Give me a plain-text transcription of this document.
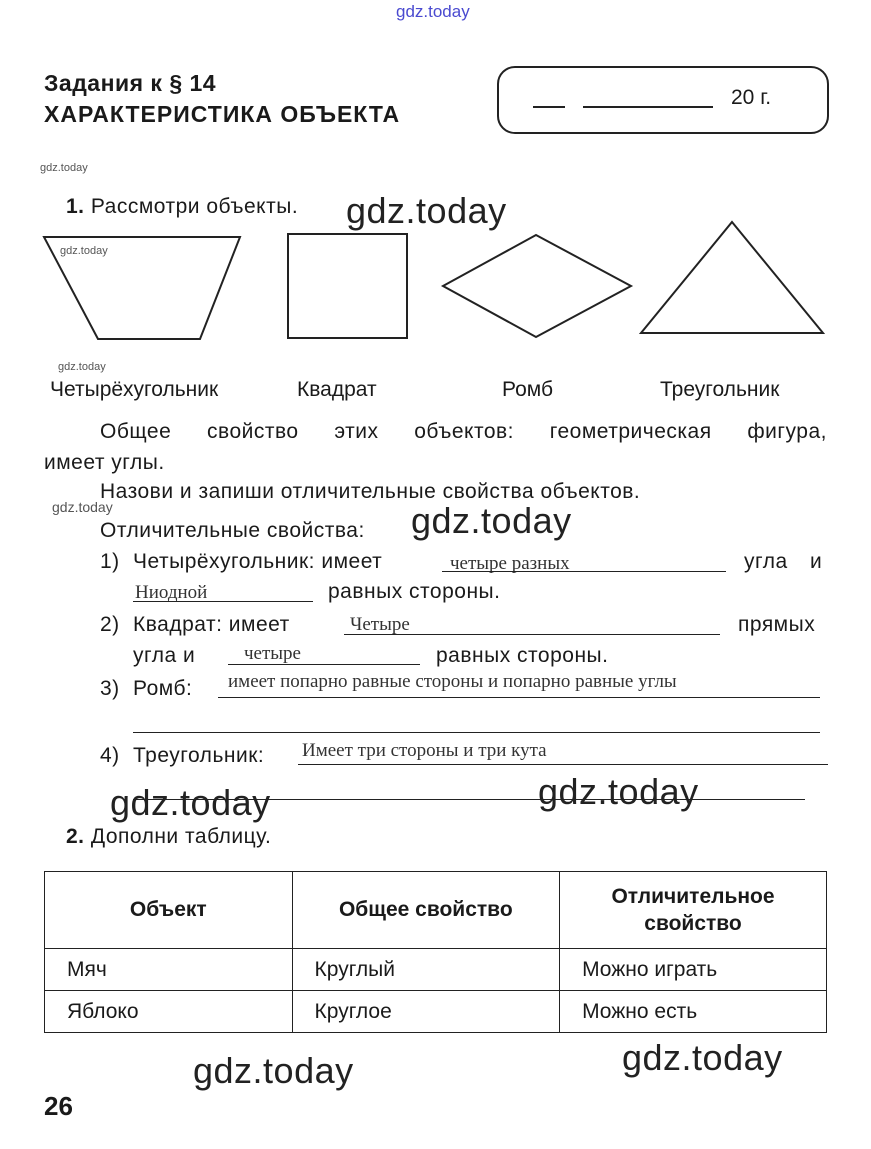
gdz.today
gdz.today
gdz.today
gdz.today
gdz.today
gdz.today
gdz.today
gdz.today	gdz.today
gdz.today	gdz.today
Задания к § 14
ХАРАКТЕРИСТИКА ОБЪЕКТА
20 г.
1. Рассмотри объекты.
Четырёхугольник	Квадрат	Ромб	Треугольник
Общее свойство этих объектов: геометрическая фигура,
имеет углы.
Назови и запиши отличительные свойства объектов.
Отличительные свойства:
1) Четырёхугольник: имеет	четыре разных	угла и
Ниодной	равных стороны.
2) Квадрат: имеет	Четыре	прямых
угла и	четыре	равных стороны.
3) Ромб: имеет попарно равные стороны и попарно равные углы
4) Треугольник: Имеет три стороны и три кута
2. Дополни таблицу.
Объект	Общее свойство	Отличительное свойство
Мяч	Круглый	Можно играть
Яблоко	Круглое	Можно есть
26
